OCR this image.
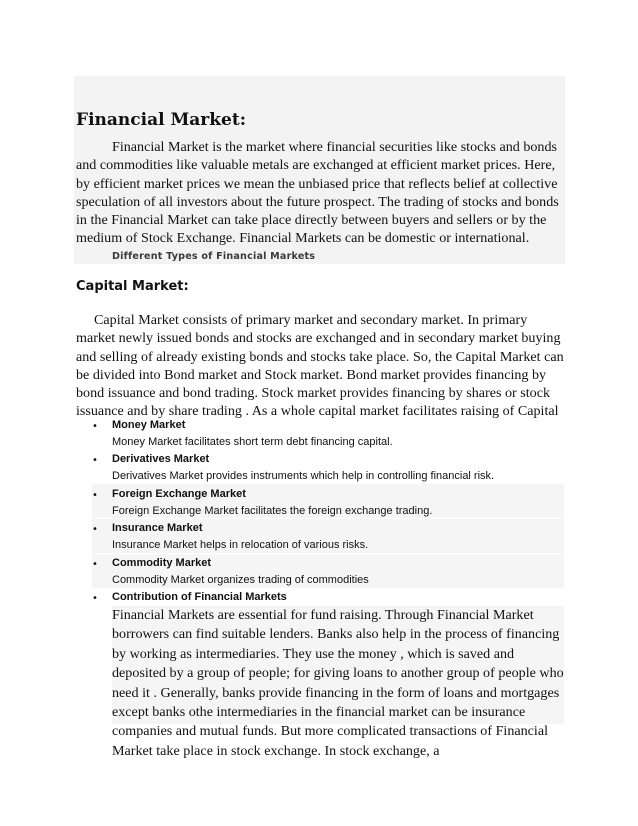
Financial Market:

Financial Market is the market where financial securities like stocks and bonds and commodities like valuable metals are exchanged at efficient market prices. Here, by efficient market prices we mean the unbiased price that reflects belief at collective speculation of all investors about the future prospect. The trading of stocks and bonds in the Financial Market can take place directly between buyers and sellers or by the medium of Stock Exchange. Financial Markets can be domestic or international.

Different Types of Financial Markets
Capital Market:

Capital Market consists of primary market and secondary market. In primary market newly issued bonds and stocks are exchanged and in secondary market buying and selling of already existing bonds and stocks take place. So, the Capital Market can be divided into Bond market and Stock market. Bond market provides financing by bond issuance and bond trading. Stock market provides financing by shares or stock issuance and by share trading . As a whole capital market facilitates raising of Capital

• Money Market
Money Market facilitates short term debt financing capital.
• Derivatives Market
Derivatives Market provides instruments which help in controlling financial risk.
• Foreign Exchange Market
Foreign Exchange Market facilitates the foreign exchange trading.
• Insurance Market
Insurance Market helps in relocation of various risks.
• Commodity Market
Commodity Market organizes trading of commodities
• Contribution of Financial Markets

Financial Markets are essential for fund raising. Through Financial Market borrowers can find suitable lenders. Banks also help in the process of financing by working as intermediaries. They use the money , which is saved and deposited by a group of people; for giving loans to another group of people who need it . Generally, banks provide financing in the form of loans and mortgages except banks othe intermediaries in the financial market can be insurance companies and mutual funds. But more complicated transactions of Financial Market take place in stock exchange. In stock exchange, a
